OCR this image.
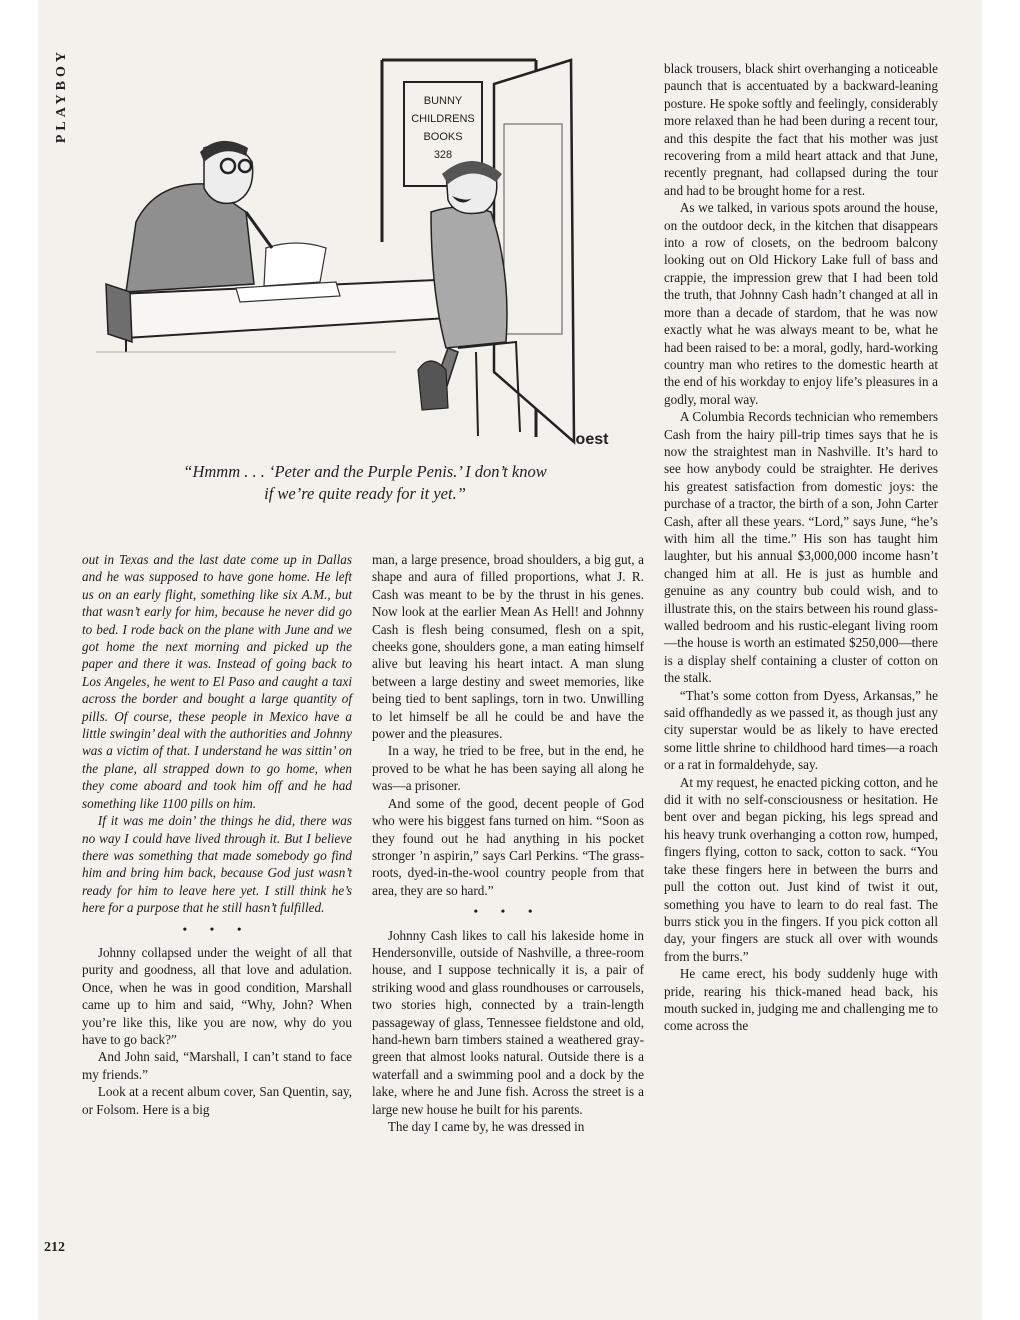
PLAYBOY	BUNNY
CHILDRENS
BOOKS
328
oest
“Hmmm . . . ‘Peter and the Purple Penis.’ I don’t know
if we’re quite ready for it yet.”

out in Texas and the last date come up in Dallas and he was supposed to have gone home. He left us on an early flight, something like six A.M., but that wasn’t early for him, because he never did go to bed. I rode back on the plane with June and we got home the next morning and picked up the paper and there it was. Instead of going back to Los Angeles, he went to El Paso and caught a taxi across the border and bought a large quantity of pills. Of course, these people in Mexico have a little swingin’ deal with the authorities and Johnny was a victim of that. I understand he was sittin’ on the plane, all strapped down to go home, when they come aboard and took him off and he had something like 1100 pills on him.

If it was me doin’ the things he did, there was no way I could have lived through it. But I believe there was something that made somebody go find him and bring him back, because God just wasn’t ready for him to leave here yet. I still think he’s here for a purpose that he still hasn’t fulfilled.

• • •

Johnny collapsed under the weight of all that purity and goodness, all that love and adulation. Once, when he was in good condition, Marshall came up to him and said, “Why, John? When you’re like this, like you are now, why do you have to go back?”

And John said, “Marshall, I can’t stand to face my friends.”

Look at a recent album cover, San Quentin, say, or Folsom. Here is a big

man, a large presence, broad shoulders, a big gut, a shape and aura of filled proportions, what J. R. Cash was meant to be by the thrust in his genes. Now look at the earlier Mean As Hell! and Johnny Cash is flesh being consumed, flesh on a spit, cheeks gone, shoulders gone, a man eating himself alive but leaving his heart intact. A man slung between a large destiny and sweet memories, like being tied to bent saplings, torn in two. Unwilling to let himself be all he could be and have the power and the pleasures.

In a way, he tried to be free, but in the end, he proved to be what he has been saying all along he was—a prisoner.

And some of the good, decent people of God who were his biggest fans turned on him. “Soon as they found out he had anything in his pocket stronger ’n aspirin,” says Carl Perkins. “The grass-roots, dyed-in-the-wool country people from that area, they are so hard.”

• • •

Johnny Cash likes to call his lakeside home in Hendersonville, outside of Nashville, a three-room house, and I suppose technically it is, a pair of striking wood and glass roundhouses or carrousels, two stories high, connected by a train-length passageway of glass, Tennessee fieldstone and old, hand-hewn barn timbers stained a weathered gray-green that almost looks natural. Outside there is a waterfall and a swimming pool and a dock by the lake, where he and June fish. Across the street is a large new house he built for his parents.

The day I came by, he was dressed in

black trousers, black shirt overhanging a noticeable paunch that is accentuated by a backward-leaning posture. He spoke softly and feelingly, considerably more relaxed than he had been during a recent tour, and this despite the fact that his mother was just recovering from a mild heart attack and that June, recently pregnant, had collapsed during the tour and had to be brought home for a rest.

As we talked, in various spots around the house, on the outdoor deck, in the kitchen that disappears into a row of closets, on the bedroom balcony looking out on Old Hickory Lake full of bass and crappie, the impression grew that I had been told the truth, that Johnny Cash hadn’t changed at all in more than a decade of stardom, that he was now exactly what he was always meant to be, what he had been raised to be: a moral, godly, hard-working country man who retires to the domestic hearth at the end of his workday to enjoy life’s pleasures in a godly, moral way.

A Columbia Records technician who remembers Cash from the hairy pill-trip times says that he is now the straightest man in Nashville. It’s hard to see how anybody could be straighter. He derives his greatest satisfaction from domestic joys: the purchase of a tractor, the birth of a son, John Carter Cash, after all these years. “Lord,” says June, “he’s with him all the time.” His son has taught him laughter, but his annual $3,000,000 income hasn’t changed him at all. He is just as humble and genuine as any country bub could wish, and to illustrate this, on the stairs between his round glass-walled bedroom and his rustic-elegant living room—the house is worth an estimated $250,000—there is a display shelf containing a cluster of cotton on the stalk.

“That’s some cotton from Dyess, Arkansas,” he said offhandedly as we passed it, as though just any city superstar would be as likely to have erected some little shrine to childhood hard times—a roach or a rat in formaldehyde, say.

At my request, he enacted picking cotton, and he did it with no self-consciousness or hesitation. He bent over and began picking, his legs spread and his heavy trunk overhanging a cotton row, humped, fingers flying, cotton to sack, cotton to sack. “You take these fingers here in between the burrs and pull the cotton out. Just kind of twist it out, something you have to learn to do real fast. The burrs stick you in the fingers. If you pick cotton all day, your fingers are stuck all over with wounds from the burrs.”

He came erect, his body suddenly huge with pride, rearing his thick-maned head back, his mouth sucked in, judging me and challenging me to come across the

212
